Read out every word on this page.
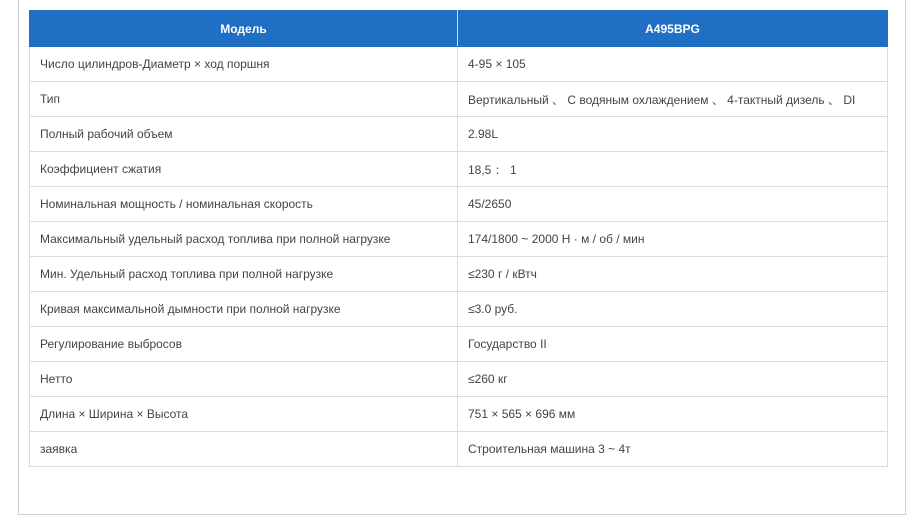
Модель	A495BPG
Число цилиндров-Диаметр × ход поршня	4-95 × 105
Тип	Вертикальный 、 С водяным охлаждением 、 4-тактный дизель 、 DI
Полный рабочий объем	2.98L
Коэффициент сжатия	18,5 ： 1
Номинальная мощность / номинальная скорость	45/2650
Максимальный удельный расход топлива при полной нагрузке	174/1800 ~ 2000 Н · м / об / мин
Мин. Удельный расход топлива при полной нагрузке	≤230 г / кВтч
Кривая максимальной дымности при полной нагрузке	≤3.0 руб.
Регулирование выбросов	Государство II
Нетто	≤260 кг
Длина × Ширина × Высота	751 × 565 × 696 мм
заявка	Строительная машина 3 ~ 4т
